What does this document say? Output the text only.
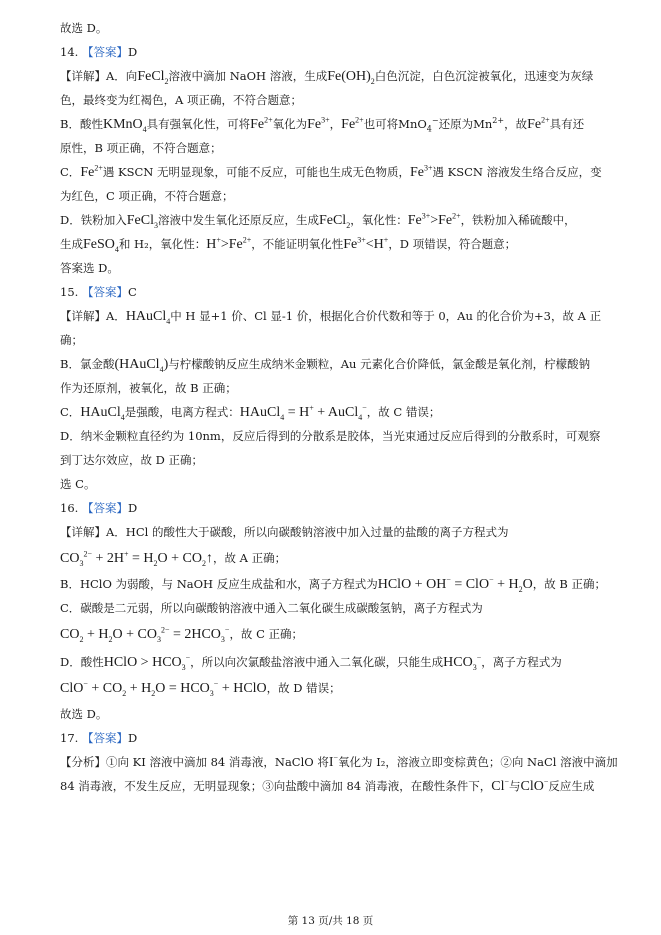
故选 D。
14. 【答案】D
【详解】A．向FeCl$_2$溶液中滴加 NaOH 溶液，生成$Fe(OH)_2$白色沉淀，白色沉淀被氧化，迅速变为灰绿
色，最终变为红褐色，A 项正确，不符合题意；
B．酸性KMnO$_4$具有强氧化性，可将$Fe^{2+}$氧化为$Fe^{3+}$，$Fe^{2+}$也可将MnO$_4$−还原为$Mn^{2+}$，故$Fe^{2+}$具有还
原性，B 项正确，不符合题意；
C．$Fe^{2+}$遇 KSCN 无明显现象，可能不反应，可能也生成无色物质，$Fe^{3+}$遇 KSCN 溶液发生络合反应，变
为红色，C 项正确，不符合题意；
D．铁粉加入FeCl$_3$溶液中发生氧化还原反应，生成FeCl$_2$，氧化性：$Fe^{3+}>Fe^{2+}$，铁粉加入稀硫酸中，
生成FeSO$_4$和 H₂，氧化性：$H^+>Fe^{2+}$，不能证明氧化性$Fe^{3+}<H^+$，D 项错误，符合题意；
答案选 D。
15. 【答案】C
【详解】A．HAuCl$_4$中 H 显+1 价、Cl 显-1 价，根据化合价代数和等于 0，Au 的化合价为+3，故 A 正
确；
B．氯金酸(HAuCl$_4$)与柠檬酸钠反应生成纳米金颗粒，Au 元素化合价降低，氯金酸是氧化剂，柠檬酸钠
作为还原剂，被氧化，故 B 正确；
C．HAuCl$_4$是强酸，电离方程式：HAuCl$_4$ = H+ + AuCl$_4$−，故 C 错误；
D．纳米金颗粒直径约为 10nm，反应后得到的分散系是胶体，当光束通过反应后得到的分散系时，可观察
到丁达尔效应，故 D 正确；
选 C。
16. 【答案】D
【详解】A．HCl 的酸性大于碳酸，所以向碳酸钠溶液中加入过量的盐酸的离子方程式为
$CO_3^{2-} + 2H^+ = H_2O$ + $CO_2↑$，故 A 正确；
B．HClO 为弱酸，与 NaOH 反应生成盐和水，离子方程式为HClO + $OH^- = ClO^- + H_2O$，故 B 正确；
C．碳酸是二元弱，所以向碳酸钠溶液中通入二氧化碳生成碳酸氢钠，离子方程式为
$CO_2 + H_2O + CO_3^{2-} = 2HCO_3^-$，故 C 正确；
D．酸性HClO > $HCO_3^-$，所以向次氯酸盐溶液中通入二氧化碳，只能生成$HCO_3^-$，离子方程式为
$ClO^- + CO_2 + H_2O = HCO_3^-$ + HClO，故 D 错误；
故选 D。
17. 【答案】D
【分析】①向 KI 溶液中滴加 84 消毒液，NaClO 将I−氧化为 I₂，溶液立即变棕黄色；②向 NaCl 溶液中滴加
84 消毒液，不发生反应，无明显现象；③向盐酸中滴加 84 消毒液，在酸性条件下，Cl−与ClO−反应生成
第 13 页/共 18 页
